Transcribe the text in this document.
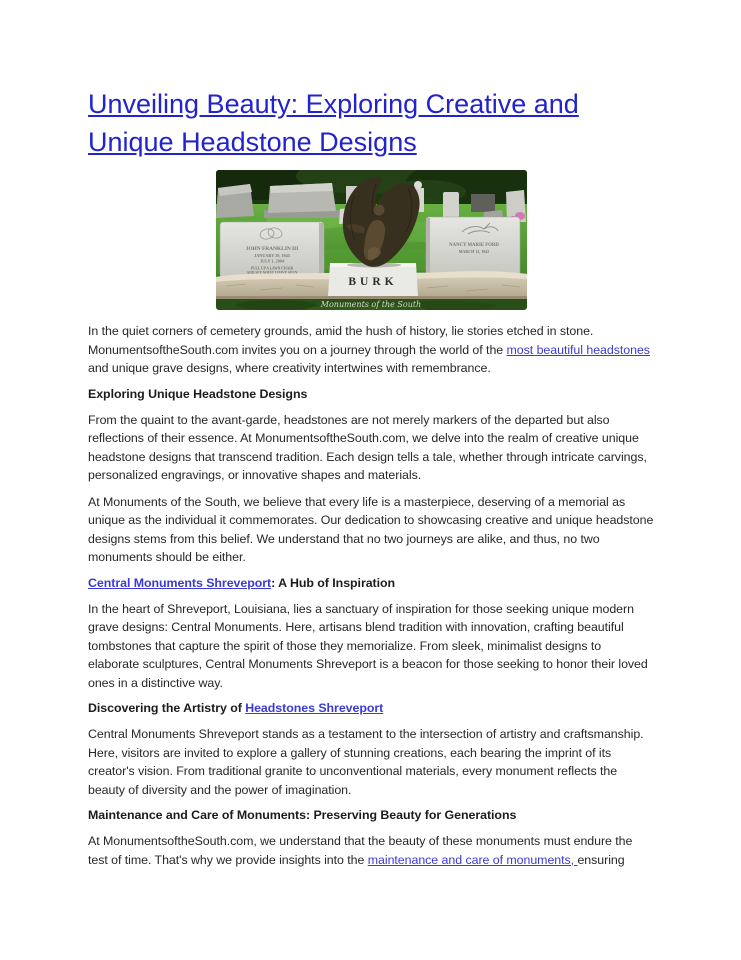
Unveiling Beauty: Exploring Creative and Unique Headstone Designs
JOHN FRANKLIN III
JANUARY 20, 1945
JULY 1, 2004
PULL UP A LAWN CHAIR
AND SEE WHAT I HAVE SEEN
NANCY MARIE FORD
MARCH 12, 1942
BURK
Monuments of the South

In the quiet corners of cemetery grounds, amid the hush of history, lie stories etched in stone. MonumentsoftheSouth.com invites you on a journey through the world of the most beautiful headstones and unique grave designs, where creativity intertwines with remembrance.

Exploring Unique Headstone Designs

From the quaint to the avant-garde, headstones are not merely markers of the departed but also reflections of their essence. At MonumentsoftheSouth.com, we delve into the realm of creative unique headstone designs that transcend tradition. Each design tells a tale, whether through intricate carvings, personalized engravings, or innovative shapes and materials.

At Monuments of the South, we believe that every life is a masterpiece, deserving of a memorial as unique as the individual it commemorates. Our dedication to showcasing creative and unique headstone designs stems from this belief. We understand that no two journeys are alike, and thus, no two monuments should be either.

Central Monuments Shreveport: A Hub of Inspiration

In the heart of Shreveport, Louisiana, lies a sanctuary of inspiration for those seeking unique modern grave designs: Central Monuments. Here, artisans blend tradition with innovation, crafting beautiful tombstones that capture the spirit of those they memorialize. From sleek, minimalist designs to elaborate sculptures, Central Monuments Shreveport is a beacon for those seeking to honor their loved ones in a distinctive way.

Discovering the Artistry of Headstones Shreveport

Central Monuments Shreveport stands as a testament to the intersection of artistry and craftsmanship. Here, visitors are invited to explore a gallery of stunning creations, each bearing the imprint of its creator's vision. From traditional granite to unconventional materials, every monument reflects the beauty of diversity and the power of imagination.

Maintenance and Care of Monuments: Preserving Beauty for Generations

At MonumentsoftheSouth.com, we understand that the beauty of these monuments must endure the test of time. That's why we provide insights into the maintenance and care of monuments, ensuring
